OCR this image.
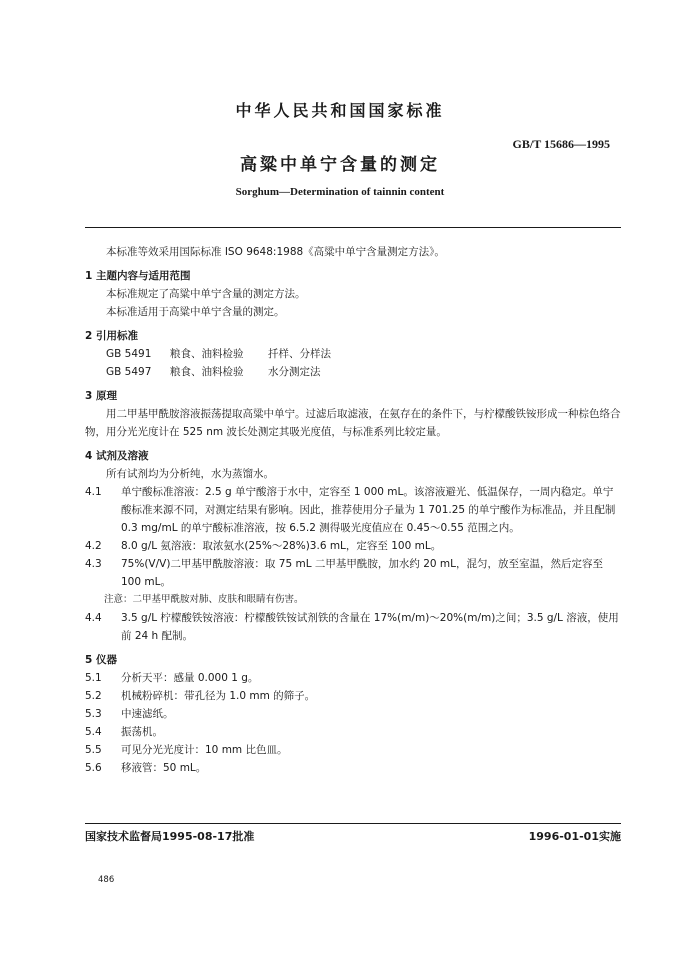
中华人民共和国国家标准
GB/T 15686—1995
高粱中单宁含量的测定
Sorghum—Determination of tainnin content
本标准等效采用国际标准 ISO 9648:1988《高粱中单宁含量测定方法》。
1 主题内容与适用范围
本标准规定了高粱中单宁含量的测定方法。
本标准适用于高粱中单宁含量的测定。
2 引用标准
GB 5491 粮食、油料检验 扦样、分样法
GB 5497 粮食、油料检验 水分测定法
3 原理
用二甲基甲酰胺溶液振荡提取高粱中单宁。过滤后取滤液，在氨存在的条件下，与柠檬酸铁铵形成一种棕色络合物，用分光光度计在 525 nm 波长处测定其吸光度值，与标准系列比较定量。
4 试剂及溶液
所有试剂均为分析纯，水为蒸馏水。
4.1	单宁酸标准溶液：2.5 g 单宁酸溶于水中，定容至 1 000 mL。该溶液避光、低温保存，一周内稳定。单宁酸标准来源不同，对测定结果有影响。因此，推荐使用分子量为 1 701.25 的单宁酸作为标准品，并且配制 0.3 mg/mL 的单宁酸标准溶液，按 6.5.2 测得吸光度值应在 0.45～0.55 范围之内。
4.2	8.0 g/L 氨溶液：取浓氨水(25%～28%)3.6 mL，定容至 100 mL。
4.3	75%(V/V)二甲基甲酰胺溶液：取 75 mL 二甲基甲酰胺，加水约 20 mL，混匀，放至室温，然后定容至 100 mL。
注意：二甲基甲酰胺对肺、皮肤和眼睛有伤害。
4.4	3.5 g/L 柠檬酸铁铵溶液：柠檬酸铁铵试剂铁的含量在 17%(m/m)～20%(m/m)之间；3.5 g/L 溶液，使用前 24 h 配制。
5 仪器
5.1	分析天平：感量 0.000 1 g。
5.2	机械粉碎机：带孔径为 1.0 mm 的筛子。
5.3	中速滤纸。
5.4	振荡机。
5.5	可见分光光度计：10 mm 比色皿。
5.6	移液管：50 mL。
国家技术监督局1995-08-17批准	1996-01-01实施
486
